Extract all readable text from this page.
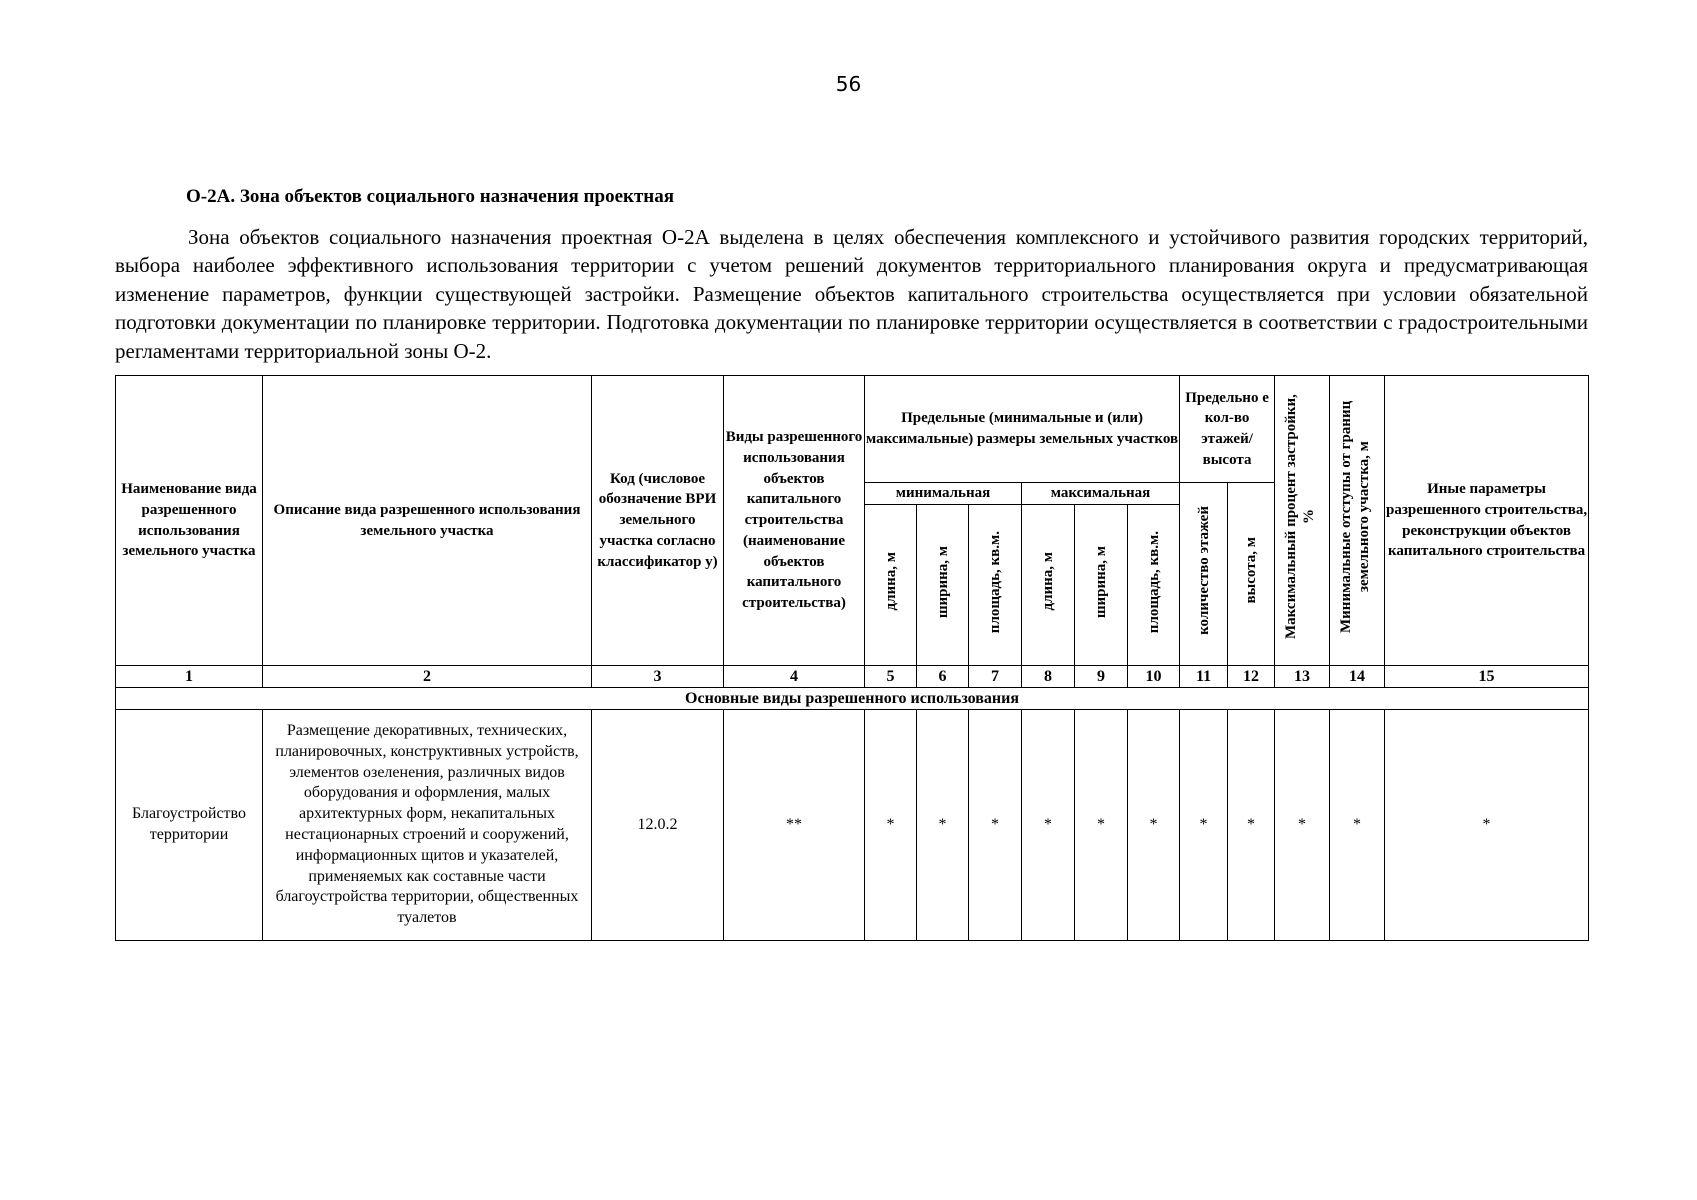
56
О-2А. Зона объектов социального назначения проектная

Зона объектов социального назначения проектная О-2А выделена в целях обеспечения комплексного и устойчивого развития городских территорий, выбора наиболее эффективного использования территории с учетом решений документов территориального планирования округа и предусматривающая изменение параметров, функции существующей застройки. Размещение объектов капитального строительства осуществляется при условии обязательной подготовки документации по планировке территории. Подготовка документации по планировке территории осуществляется в соответствии с градостроительными регламентами территориальной зоны О-2.

Наименование вида разрешенного использования земельного участка	Описание вида разрешенного использования земельного участка	Код (числовое обозначение ВРИ земельного участка согласно классификатор у)	Виды разрешенного использования объектов капитального строительства (наименование объектов капитального строительства)	Предельные (минимальные и (или) максимальные) размеры земельных участков						Предельно е кол-во этажей/ высота		Максимальный процент застройки, %	Минимальные отступы от границ земельного участка, м	Иные параметры разрешенного строительства, реконструкции объектов капитального строительства
				минимальная			максимальная			количество этажей	высота, м			
				длина, м	ширина, м	площадь, кв.м.	длина, м	ширина, м	площадь, кв.м.					
1	2	3	4	5	6	7	8	9	10	11	12	13	14	15
Основные виды разрешенного использования														
Благоустройство территории	Размещение декоративных, технических, планировочных, конструктивных устройств, элементов озеленения, различных видов оборудования и оформления, малых архитектурных форм, некапитальных нестационарных строений и сооружений, информационных щитов и указателей, применяемых как составные части благоустройства территории, общественных туалетов	12.0.2	**	*	*	*	*	*	*	*	*	*	*	*
